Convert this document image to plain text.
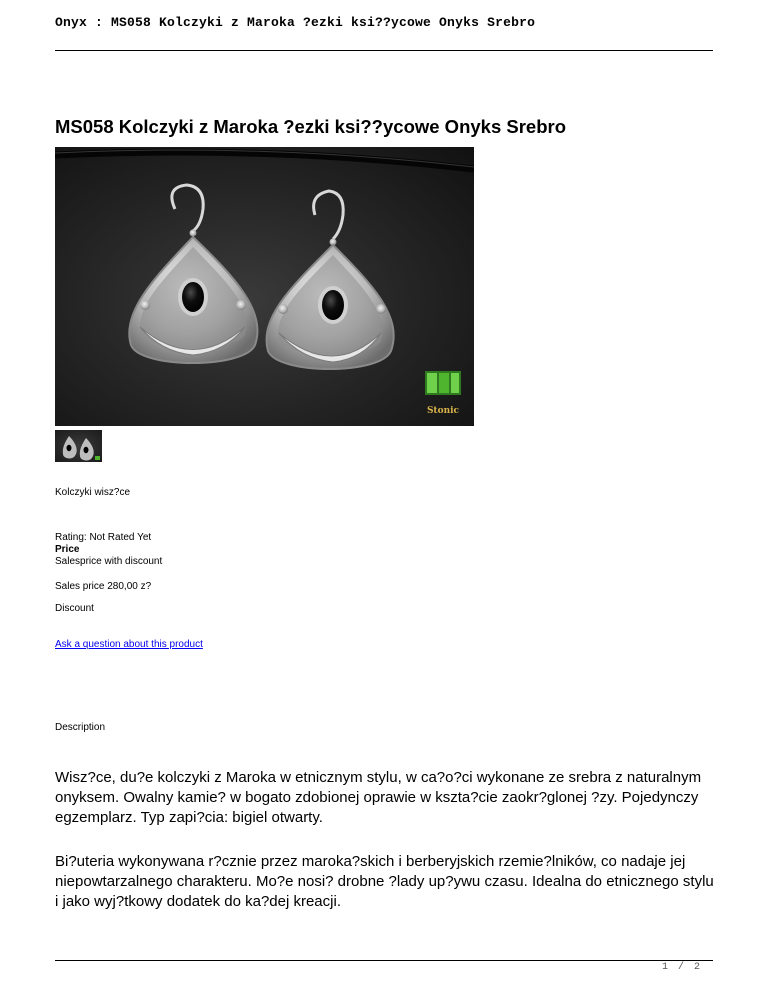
Onyx : MS058 Kolczyki z Maroka ?ezki ksi??ycowe Onyks Srebro
MS058 Kolczyki z Maroka ?ezki ksi??ycowe Onyks Srebro
Stonic
Kolczyki wisz?ce
Rating: Not Rated Yet
Price
Salesprice with discount
Sales price 280,00 z?
Discount
Ask a question about this product
Description

Wisz?ce, du?e kolczyki z Maroka w etnicznym stylu, w ca?o?ci wykonane ze srebra z naturalnym onyksem. Owalny kamie? w bogato zdobionej oprawie w kszta?cie zaokr?glonej ?zy. Pojedynczy egzemplarz. Typ zapi?cia: bigiel otwarty.

Bi?uteria wykonywana r?cznie przez maroka?skich i berberyjskich rzemie?lników, co nadaje jej niepowtarzalnego charakteru. Mo?e nosi? drobne ?lady up?ywu czasu. Idealna do etnicznego stylu i jako wyj?tkowy dodatek do ka?dej kreacji.

1 / 2
